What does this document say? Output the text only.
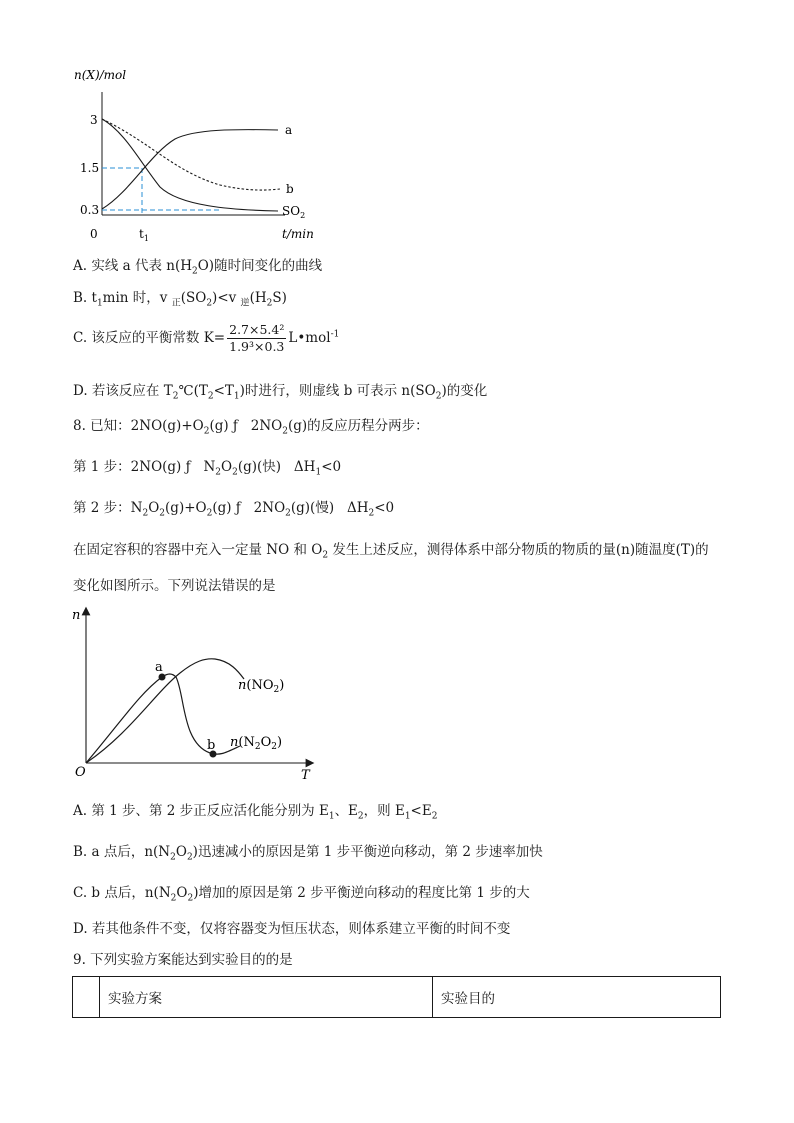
n(X)/mol
0	t/min
3
1.5
0.3
$t_1$
a
b
$SO_2$
A. 实线 a 代表 $n(H_2O)$随时间变化的曲线
B. $t_1\min$ 时，v $_正(SO_2)<v$ $_逆(H_2S)$
C. 该反应的平衡常数 $K= \frac{\text{2.7×5.4²}}{\text{1.9³×0.3}}$ L•mol$^{-1}$
D. 若该反应在 $T_2℃(T_2<T_1)$时进行，则虚线 b 可表示 $n(SO_2)$的变化
8. 已知：$2NO(g)+O_2(g)$ ƒ   $2NO_2(g)$的反应历程分两步：
第 1 步：2NO(g) ƒ   $N_2O_2(g)$(快)   $\Delta H_1<0$
第 2 步：$N_2O_2(g)+O_2(g)$ ƒ   $2NO_2(g)$(慢)   $\Delta H_2<0$
在固定容积的容器中充入一定量 NO 和 $O_2$ 发生上述反应，测得体系中部分物质的物质的量(n)随温度(T)的
变化如图所示。下列说法错误的是
n
O	T
a
b
$n(NO_2)$
$n(N_2O_2)$
A. 第 1 步、第 2 步正反应活化能分别为 $E_1$、$E_2$，则 $E_1<E_2$
B. a 点后，$n(N_2O_2)$迅速减小的原因是第 1 步平衡逆向移动，第 2 步速率加快
C. b 点后，$n(N_2O_2)$增加的原因是第 2 步平衡逆向移动的程度比第 1 步的大
D. 若其他条件不变，仅将容器变为恒压状态，则体系建立平衡的时间不变
9. 下列实验方案能达到实验目的的是
	实验方案	实验目的
